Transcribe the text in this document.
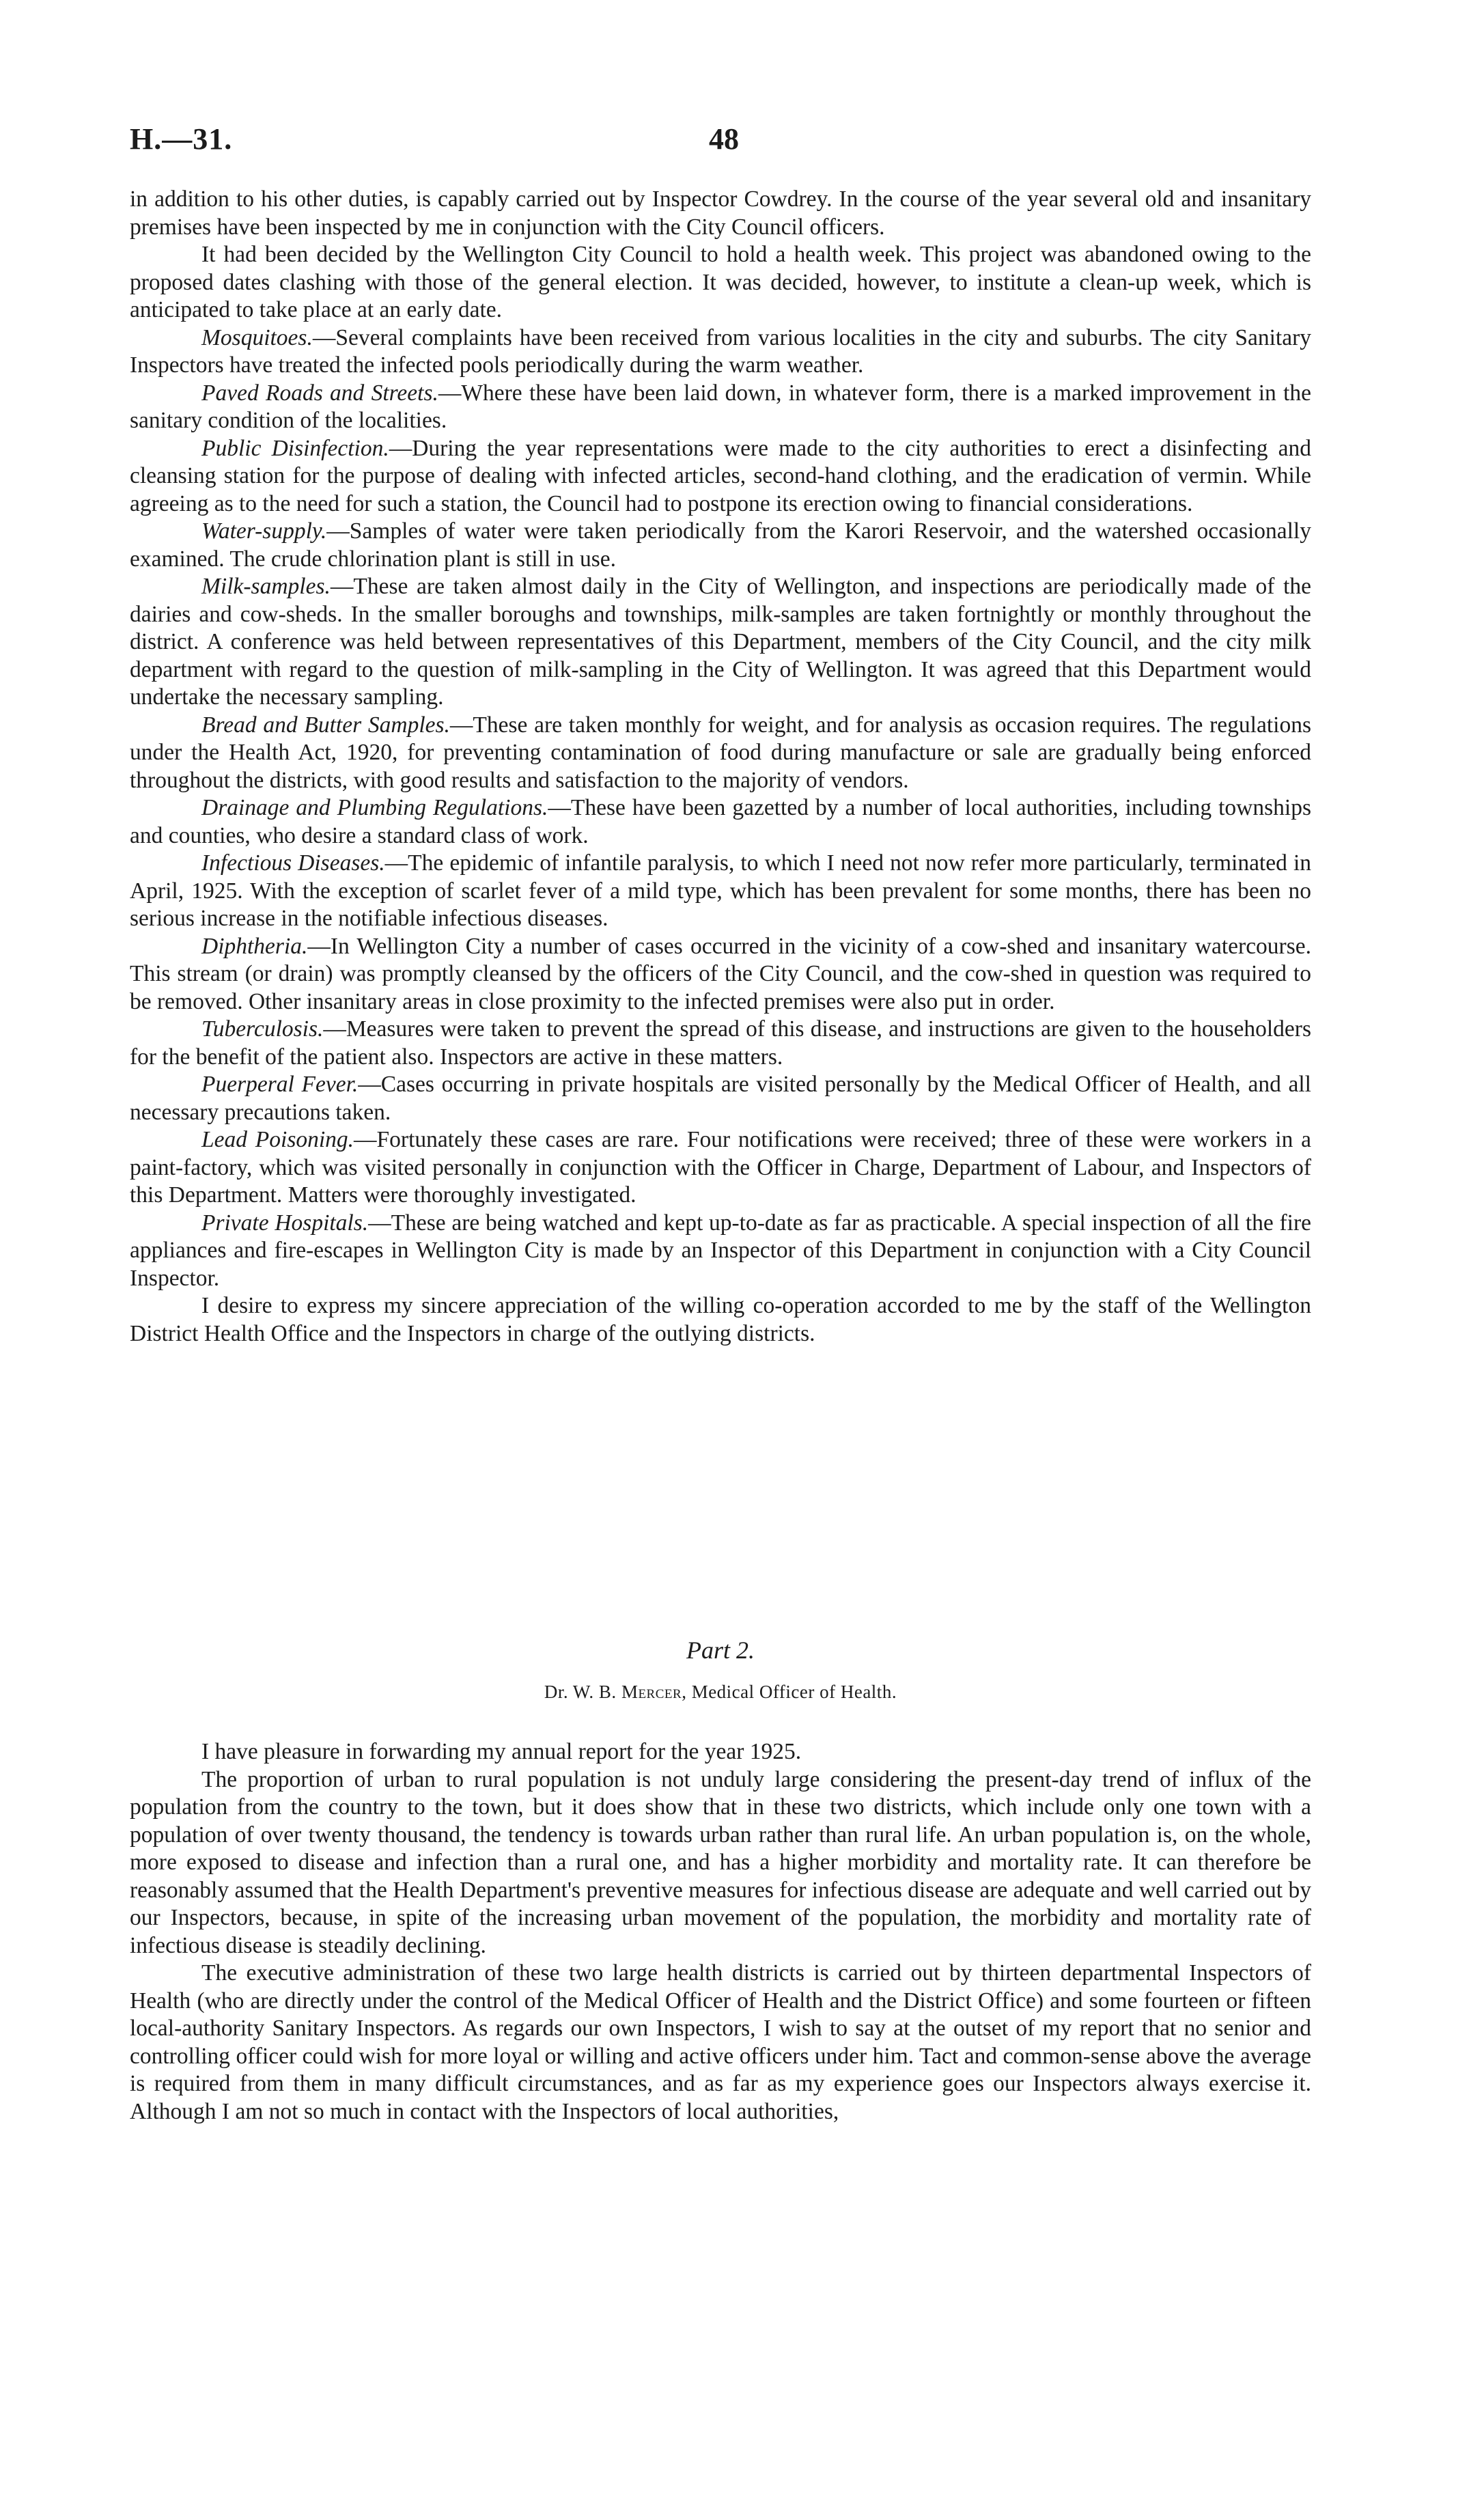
H.—31.	48

in addition to his other duties, is capably carried out by Inspector Cowdrey. In the course of the year several old and insanitary premises have been inspected by me in conjunction with the City Council officers.

It had been decided by the Wellington City Council to hold a health week. This project was abandoned owing to the proposed dates clashing with those of the general election. It was decided, however, to institute a clean-up week, which is anticipated to take place at an early date.

Mosquitoes.—Several complaints have been received from various localities in the city and suburbs. The city Sanitary Inspectors have treated the infected pools periodically during the warm weather.

Paved Roads and Streets.—Where these have been laid down, in whatever form, there is a marked improvement in the sanitary condition of the localities.

Public Disinfection.—During the year representations were made to the city authorities to erect a disinfecting and cleansing station for the purpose of dealing with infected articles, second-hand clothing, and the eradication of vermin. While agreeing as to the need for such a station, the Council had to postpone its erection owing to financial considerations.

Water-supply.—Samples of water were taken periodically from the Karori Reservoir, and the watershed occasionally examined. The crude chlorination plant is still in use.

Milk-samples.—These are taken almost daily in the City of Wellington, and inspections are periodically made of the dairies and cow-sheds. In the smaller boroughs and townships, milk-samples are taken fortnightly or monthly throughout the district. A conference was held between representatives of this Department, members of the City Council, and the city milk department with regard to the question of milk-sampling in the City of Wellington. It was agreed that this Department would undertake the necessary sampling.

Bread and Butter Samples.—These are taken monthly for weight, and for analysis as occasion requires. The regulations under the Health Act, 1920, for preventing contamination of food during manufacture or sale are gradually being enforced throughout the districts, with good results and satisfaction to the majority of vendors.

Drainage and Plumbing Regulations.—These have been gazetted by a number of local authorities, including townships and counties, who desire a standard class of work.

Infectious Diseases.—The epidemic of infantile paralysis, to which I need not now refer more particularly, terminated in April, 1925. With the exception of scarlet fever of a mild type, which has been prevalent for some months, there has been no serious increase in the notifiable infectious diseases.

Diphtheria.—In Wellington City a number of cases occurred in the vicinity of a cow-shed and insanitary watercourse. This stream (or drain) was promptly cleansed by the officers of the City Council, and the cow-shed in question was required to be removed. Other insanitary areas in close proximity to the infected premises were also put in order.

Tuberculosis.—Measures were taken to prevent the spread of this disease, and instructions are given to the householders for the benefit of the patient also. Inspectors are active in these matters.

Puerperal Fever.—Cases occurring in private hospitals are visited personally by the Medical Officer of Health, and all necessary precautions taken.

Lead Poisoning.—Fortunately these cases are rare. Four notifications were received; three of these were workers in a paint-factory, which was visited personally in conjunction with the Officer in Charge, Department of Labour, and Inspectors of this Department. Matters were thoroughly investigated.

Private Hospitals.—These are being watched and kept up-to-date as far as practicable. A special inspection of all the fire appliances and fire-escapes in Wellington City is made by an Inspector of this Department in conjunction with a City Council Inspector.

I desire to express my sincere appreciation of the willing co-operation accorded to me by the staff of the Wellington District Health Office and the Inspectors in charge of the outlying districts.

Part 2.
Dr. W. B. Mercer, Medical Officer of Health.

I have pleasure in forwarding my annual report for the year 1925.

The proportion of urban to rural population is not unduly large considering the present-day trend of influx of the population from the country to the town, but it does show that in these two districts, which include only one town with a population of over twenty thousand, the tendency is towards urban rather than rural life. An urban population is, on the whole, more exposed to disease and infection than a rural one, and has a higher morbidity and mortality rate. It can therefore be reasonably assumed that the Health Department's preventive measures for infectious disease are adequate and well carried out by our Inspectors, because, in spite of the increasing urban movement of the population, the morbidity and mortality rate of infectious disease is steadily declining.

The executive administration of these two large health districts is carried out by thirteen departmental Inspectors of Health (who are directly under the control of the Medical Officer of Health and the District Office) and some fourteen or fifteen local-authority Sanitary Inspectors. As regards our own Inspectors, I wish to say at the outset of my report that no senior and controlling officer could wish for more loyal or willing and active officers under him. Tact and common-sense above the average is required from them in many difficult circumstances, and as far as my experience goes our Inspectors always exercise it. Although I am not so much in contact with the Inspectors of local authorities,
